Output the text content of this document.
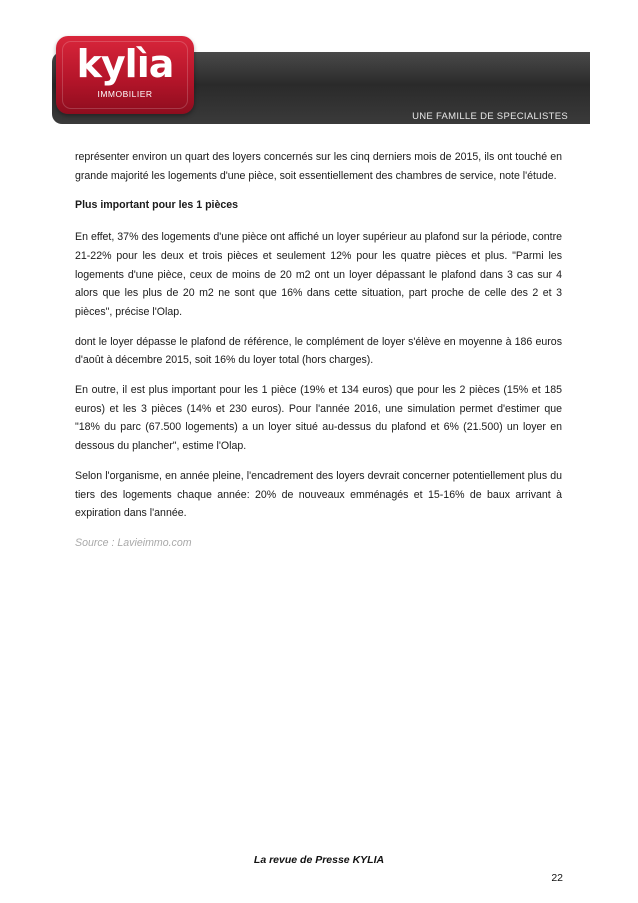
UNE FAMILLE DE SPECIALISTES
kylìa
IMMOBILIER

représenter environ un quart des loyers concernés sur les cinq derniers mois de 2015, ils ont touché en grande majorité les logements d'une pièce, soit essentiellement des chambres de service, note l'étude.

Plus important pour les 1 pièces

En effet, 37% des logements d'une pièce ont affiché un loyer supérieur au plafond sur la période, contre 21-22% pour les deux et trois pièces et seulement 12% pour les quatre pièces et plus. "Parmi les logements d'une pièce, ceux de moins de 20 m2 ont un loyer dépassant le plafond dans 3 cas sur 4 alors que les plus de 20 m2 ne sont que 16% dans cette situation, part proche de celle des 2 et 3 pièces", précise l'Olap.

dont le loyer dépasse le plafond de référence, le complément de loyer s'élève en moyenne à 186 euros d'août à décembre 2015, soit 16% du loyer total (hors charges).

En outre, il est plus important pour les 1 pièce (19% et 134 euros) que pour les 2 pièces (15% et 185 euros) et les 3 pièces (14% et 230 euros). Pour l'année 2016, une simulation permet d'estimer que "18% du parc (67.500 logements) a un loyer situé au-dessus du plafond et 6% (21.500) un loyer en dessous du plancher", estime l'Olap.

Selon l'organisme, en année pleine, l'encadrement des loyers devrait concerner potentiellement plus du tiers des logements chaque année: 20% de nouveaux emménagés et 15-16% de baux arrivant à expiration dans l'année.

Source : Lavieimmo.com

La revue de Presse KYLIA
22
